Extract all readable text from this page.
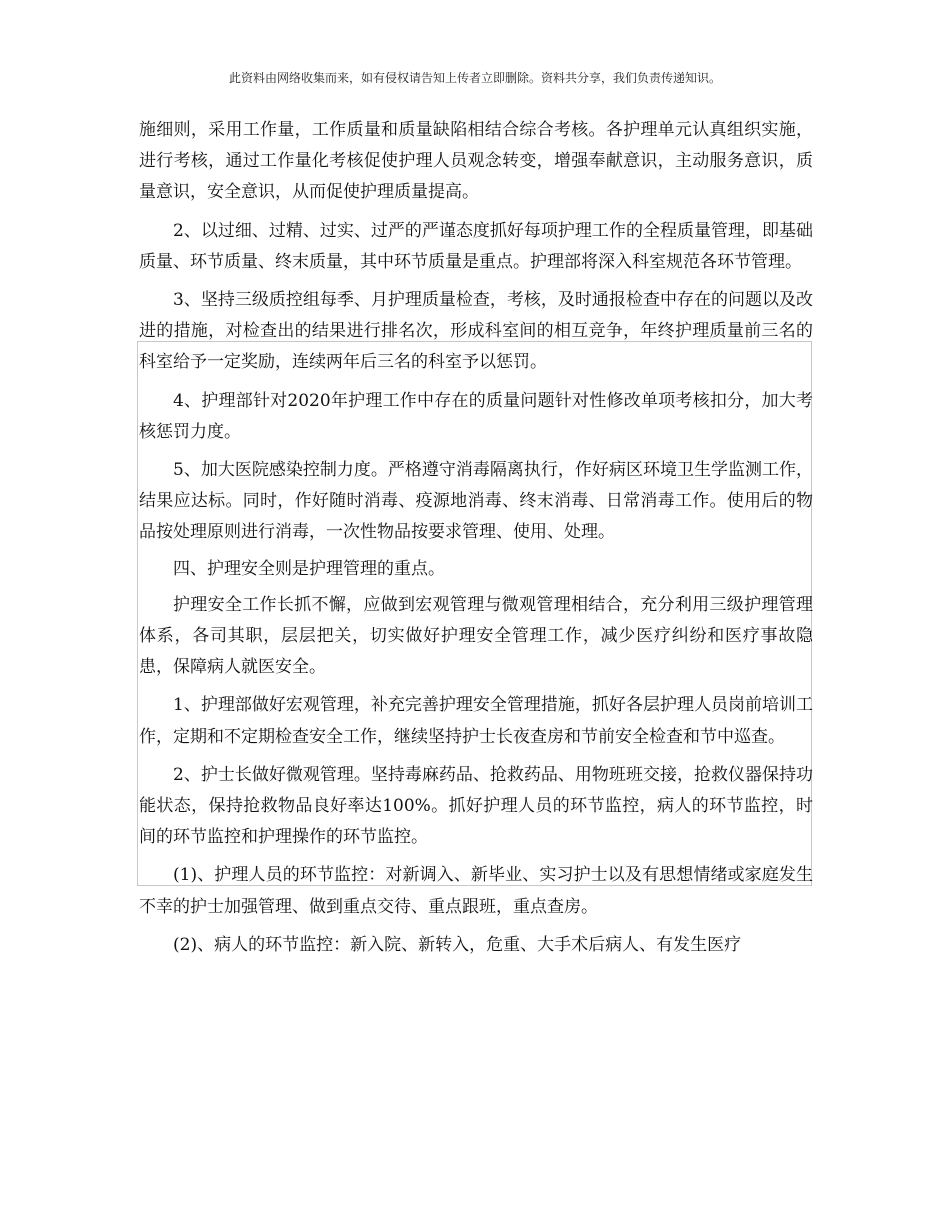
此资料由网络收集而来，如有侵权请告知上传者立即删除。资料共分享，我们负责传递知识。

施细则，采用工作量，工作质量和质量缺陷相结合综合考核。各护理单元认真组织实施，进行考核，通过工作量化考核促使护理人员观念转变，增强奉献意识，主动服务意识，质量意识，安全意识，从而促使护理质量提高。

2、以过细、过精、过实、过严的严谨态度抓好每项护理工作的全程质量管理，即基础质量、环节质量、终末质量，其中环节质量是重点。护理部将深入科室规范各环节管理。

3、坚持三级质控组每季、月护理质量检查，考核，及时通报检查中存在的问题以及改进的措施，对检查出的结果进行排名次，形成科室间的相互竞争，年终护理质量前三名的科室给予一定奖励，连续两年后三名的科室予以惩罚。

4、护理部针对2020年护理工作中存在的质量问题针对性修改单项考核扣分，加大考核惩罚力度。

5、加大医院感染控制力度。严格遵守消毒隔离执行，作好病区环境卫生学监测工作，结果应达标。同时，作好随时消毒、疫源地消毒、终末消毒、日常消毒工作。使用后的物品按处理原则进行消毒，一次性物品按要求管理、使用、处理。

四、护理安全则是护理管理的重点。

护理安全工作长抓不懈，应做到宏观管理与微观管理相结合，充分利用三级护理管理体系，各司其职，层层把关，切实做好护理安全管理工作，减少医疗纠纷和医疗事故隐患，保障病人就医安全。

1、护理部做好宏观管理，补充完善护理安全管理措施，抓好各层护理人员岗前培训工作，定期和不定期检查安全工作，继续坚持护士长夜查房和节前安全检查和节中巡查。

2、护士长做好微观管理。坚持毒麻药品、抢救药品、用物班班交接，抢救仪器保持功能状态，保持抢救物品良好率达100%。抓好护理人员的环节监控，病人的环节监控，时间的环节监控和护理操作的环节监控。

(1)、护理人员的环节监控：对新调入、新毕业、实习护士以及有思想情绪或家庭发生不幸的护士加强管理、做到重点交待、重点跟班，重点查房。

(2)、病人的环节监控：新入院、新转入，危重、大手术后病人、有发生医疗
